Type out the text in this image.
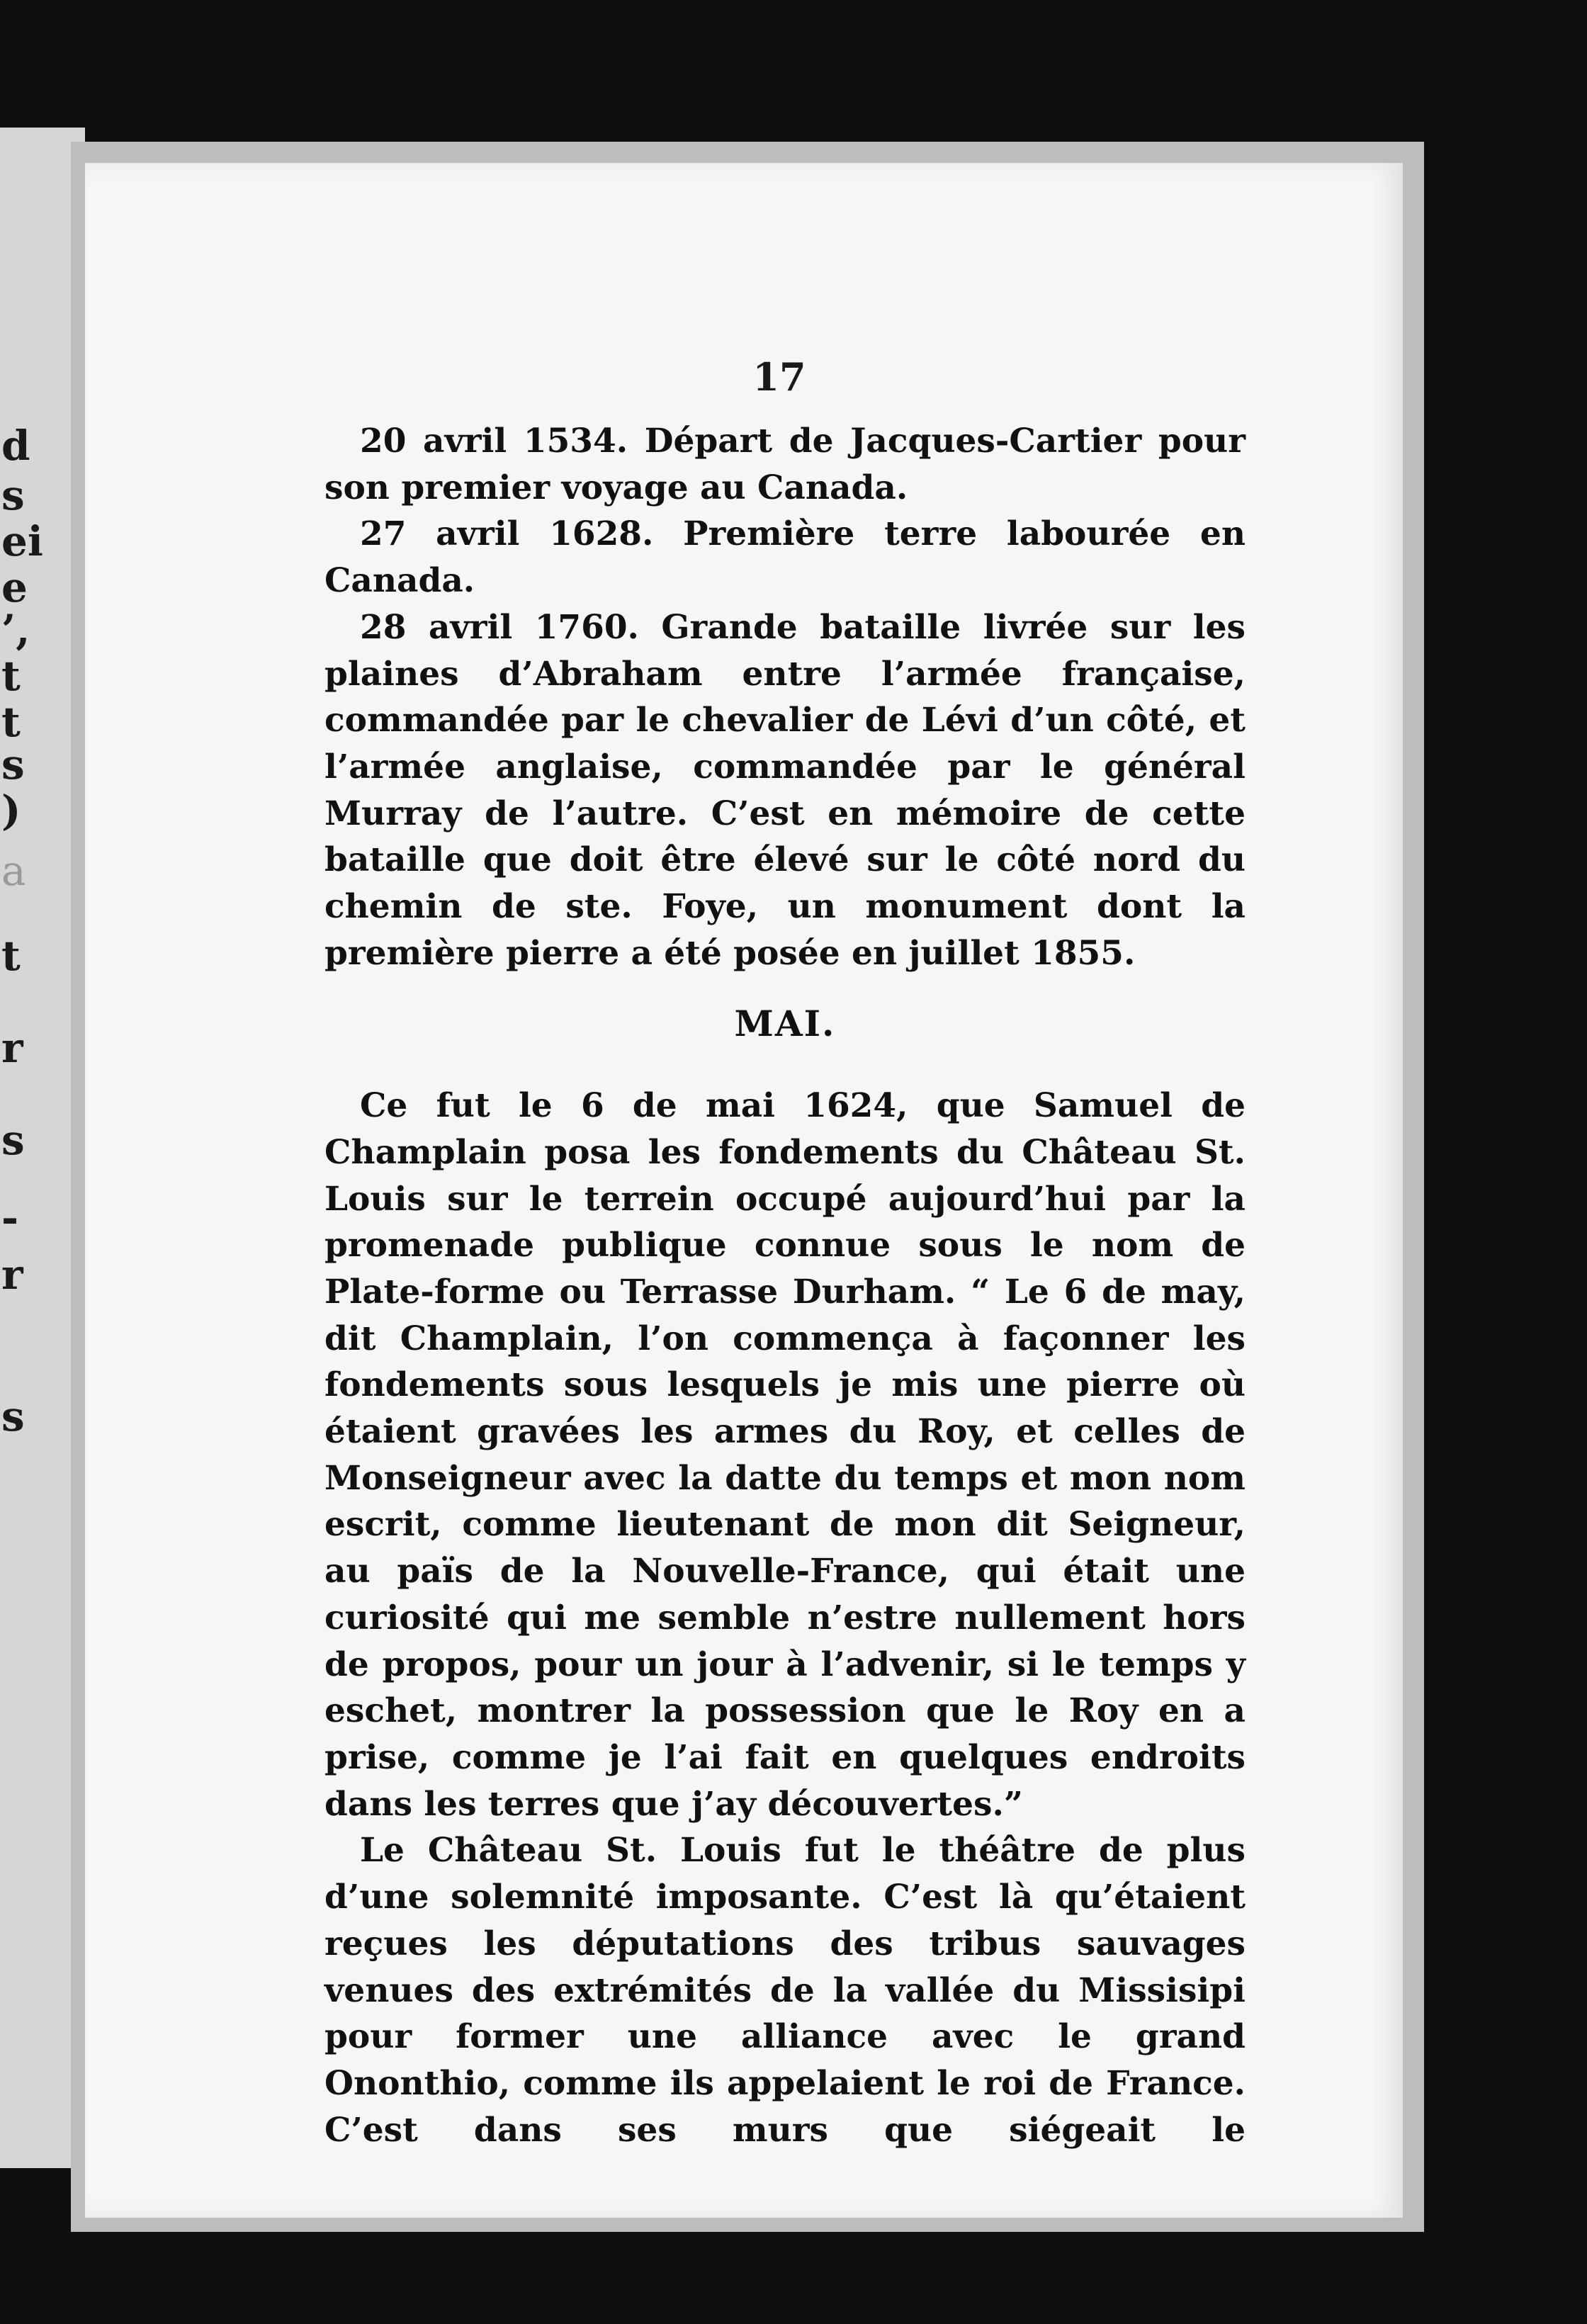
d
s
ei
e
’,
t
t
s
)
a
t
r
s
-
r
s
17

20 avril 1534. Départ de Jacques-Cartier pour son premier voyage au Canada.

27 avril 1628. Première terre labourée en Canada.

28 avril 1760. Grande bataille livrée sur les plaines d’Abraham entre l’armée française, commandée par le chevalier de Lévi d’un côté, et l’armée anglaise, commandée par le général Murray de l’autre. C’est en mémoire de cette bataille que doit être élevé sur le côté nord du chemin de ste. Foye, un monument dont la première pierre a été posée en juillet 1855.

MAI.

Ce fut le 6 de mai 1624, que Samuel de Champlain posa les fondements du Château St. Louis sur le terrein occupé aujourd’hui par la promenade publique connue sous le nom de Plate-forme ou Terrasse Durham. “ Le 6 de may, dit Champlain, l’on commença à façonner les fondements sous lesquels je mis une pierre où étaient gravées les armes du Roy, et celles de Monseigneur avec la datte du temps et mon nom escrit, comme lieutenant de mon dit Seigneur, au païs de la Nouvelle-France, qui était une curiosité qui me semble n’estre nullement hors de propos, pour un jour à l’advenir, si le temps y eschet, montrer la possession que le Roy en a prise, comme je l’ai fait en quelques endroits dans les terres que j’ay découvertes.”

Le Château St. Louis fut le théâtre de plus d’une solemnité imposante. C’est là qu’étaient reçues les députations des tribus sauvages venues des extrémités de la vallée du Missisipi pour former une alliance avec le grand Ononthio, comme ils appelaient le roi de France. C’est dans ses murs que siégeait le
